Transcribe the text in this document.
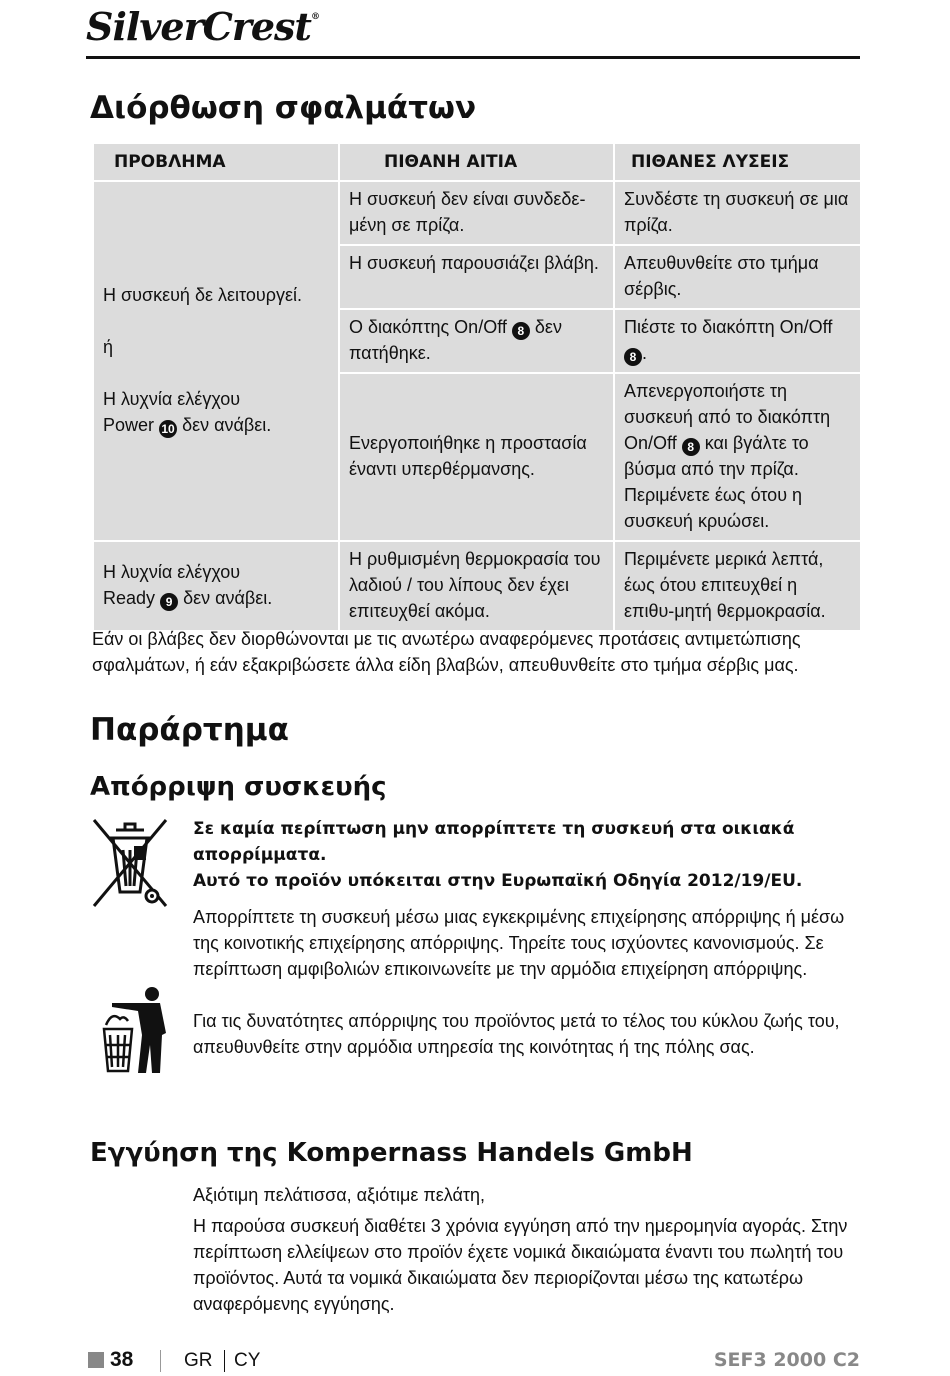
SilverCrest®
Διόρθωση σφαλμάτων
ΠΡΟΒΛΗΜΑ	ΠΙΘΑΝΗ ΑΙΤΙΑ	ΠΙΘΑΝΕΣ ΛΥΣΕΙΣ

Η συσκευή δε λειτουργεί.
ή
Η λυχνία ελέγχου
Power 10 δεν ανάβει.	Η συσκευή δεν είναι συνδεδε-μένη σε πρίζα.	Συνδέστε τη συσκευή σε μια πρίζα.
	Η συσκευή παρουσιάζει βλάβη.	Απευθυνθείτε στο τμήμα σέρβις.
	Ο διακόπτης On/Off 8 δεν πατήθηκε.	Πιέστε το διακόπτη On/Off 8 .
	Ενεργοποιήθηκε η προστασία έναντι υπερθέρμανσης.	Απενεργοποιήστε τη συσκευή από το διακόπτη On/Off 8 και βγάλτε το βύσμα από την πρίζα. Περιμένετε έως ότου η συσκευή κρυώσει.

Η λυχνία ελέγχου
Ready 9 δεν ανάβει.	Η ρυθμισμένη θερμοκρασία του λαδιού / του λίπους δεν έχει επιτευχθεί ακόμα.	Περιμένετε μερικά λεπτά, έως ότου επιτευχθεί η επιθυ-μητή θερμοκρασία.
Εάν οι βλάβες δεν διορθώνονται με τις ανωτέρω αναφερόμενες προτάσεις αντιμετώπισης σφαλμάτων, ή εάν εξακριβώσετε άλλα είδη βλαβών, απευθυνθείτε στο τμήμα σέρβις μας.
Παράρτημα
Απόρριψη συσκευής
Σε καμία περίπτωση μην απορρίπτετε τη συσκευή στα οικιακά απορρίμματα.
Αυτό το προϊόν υπόκειται στην Ευρωπαϊκή Οδηγία 2012/19/EU.
Απορρίπτετε τη συσκευή μέσω μιας εγκεκριμένης επιχείρησης απόρριψης ή μέσω της κοινοτικής επιχείρησης απόρριψης. Τηρείτε τους ισχύοντες κανονισμούς. Σε περίπτωση αμφιβολιών επικοινωνείτε με την αρμόδια επιχείρηση απόρριψης.
Για τις δυνατότητες απόρριψης του προϊόντος μετά το τέλος του κύκλου ζωής του, απευθυνθείτε στην αρμόδια υπηρεσία της κοινότητας ή της πόλης σας.
Εγγύηση της Kompernass Handels GmbH
Αξιότιμη πελάτισσα, αξιότιμε πελάτη,
Η παρούσα συσκευή διαθέτει 3 χρόνια εγγύηση από την ημερομηνία αγοράς. Στην περίπτωση ελλείψεων στο προϊόν έχετε νομικά δικαιώματα έναντι του πωλητή του προϊόντος. Αυτά τα νομικά δικαιώματα δεν περιορίζονται μέσω της κατωτέρω αναφερόμενης εγγύησης.
38	GR CY	SEF3 2000 C2
